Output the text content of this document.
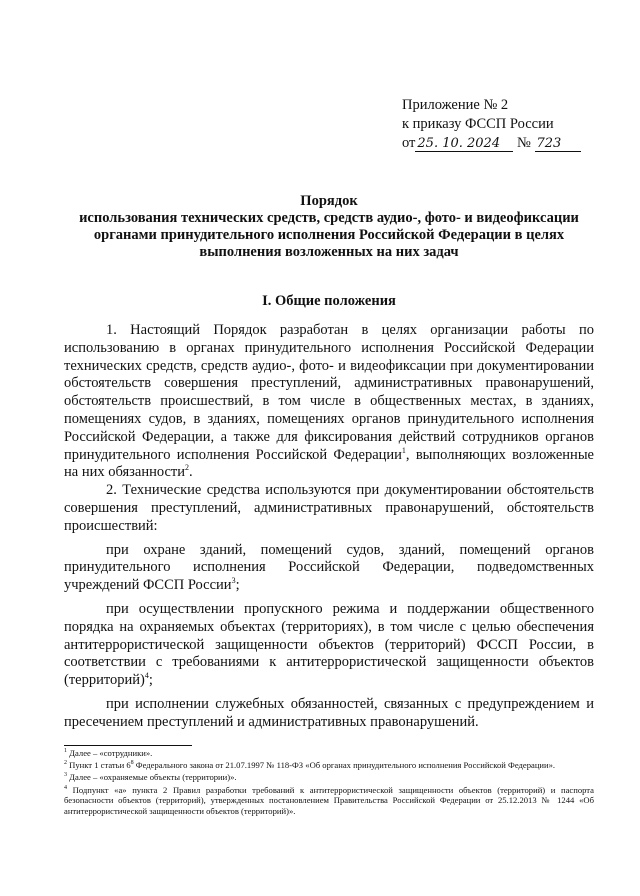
Приложение № 2
к приказу ФССП России
от 25. 10. 2024 № 723
Порядок
использования технических средств, средств аудио-, фото- и видеофиксации
органами принудительного исполнения Российской Федерации в целях
выполнения возложенных на них задач
I. Общие положения

1. Настоящий Порядок разработан в целях организации работы по использованию в органах принудительного исполнения Российской Федерации технических средств, средств аудио-, фото- и видеофиксации при документировании обстоятельств совершения преступлений, административных правонарушений, обстоятельств происшествий, в том числе в общественных местах, в зданиях, помещениях судов, в зданиях, помещениях органов принудительного исполнения Российской Федерации, а также для фиксирования действий сотрудников органов принудительного исполнения Российской Федерации$^1$, выполняющих возложенные на них обязанности$^2$.

2. Технические средства используются при документировании обстоятельств совершения преступлений, административных правонарушений, обстоятельств происшествий:

при охране зданий, помещений судов, зданий, помещений органов принудительного исполнения Российской Федерации, подведомственных учреждений ФССП России$^3$;

при осуществлении пропускного режима и поддержании общественного порядка на охраняемых объектах (территориях), в том числе с целью обеспечения антитеррористической защищенности объектов (территорий) ФССП России, в соответствии с требованиями к антитеррористической защищенности объектов (территорий)$^4$;

при исполнении служебных обязанностей, связанных с предупреждением и пресечением преступлений и административных правонарушений.

$^1$ Далее – «сотрудники».
$^2$ Пункт 1 статьи $6^8$ Федерального закона от 21.07.1997 № 118-ФЗ «Об органах принудительного исполнения Российской Федерации».
$^3$ Далее – «охраняемые объекты (территории)».
$^4$ Подпункт «а» пункта 2 Правил разработки требований к антитеррористической защищенности объектов (территорий) и паспорта безопасности объектов (территорий), утвержденных постановлением Правительства Российской Федерации от 25.12.2013 № 1244 «Об антитеррористической защищенности объектов (территорий)».
